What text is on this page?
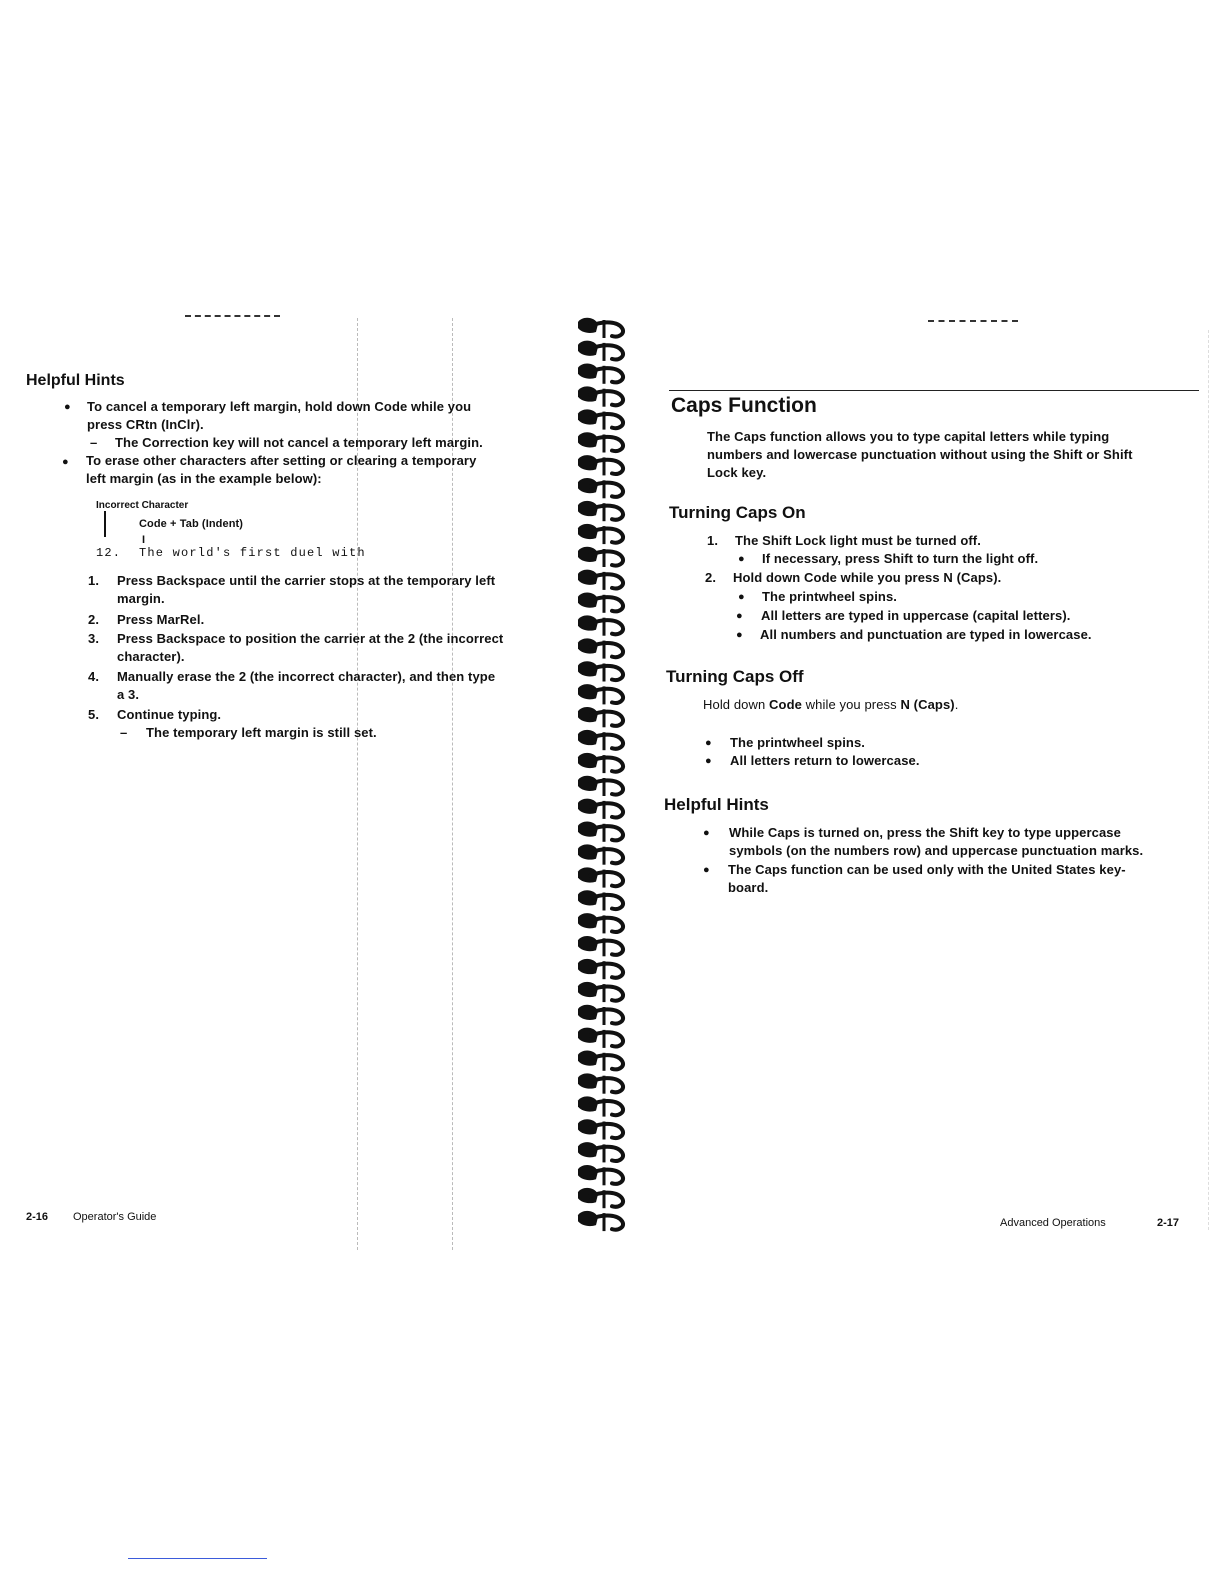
Helpful Hints
● To cancel a temporary left margin, hold down Code while you
press CRtn (InClr).
– The Correction key will not cancel a temporary left margin.
● To erase other characters after setting or clearing a temporary
left margin (as in the example below):
Incorrect Character
Code + Tab (Indent)
I
12. The world's first duel with
1. Press Backspace until the carrier stops at the temporary left
margin.
2. Press MarRel.
3. Press Backspace to position the carrier at the 2 (the incorrect
character).
4. Manually erase the 2 (the incorrect character), and then type
a 3.
5. Continue typing.
– The temporary left margin is still set.
2-16 Operator's Guide
Caps Function
The Caps function allows you to type capital letters while typing
numbers and lowercase punctuation without using the Shift or Shift
Lock key.
Turning Caps On
1. The Shift Lock light must be turned off.
● If necessary, press Shift to turn the light off.
2. Hold down Code while you press N (Caps).
● The printwheel spins.
● All letters are typed in uppercase (capital letters).
● All numbers and punctuation are typed in lowercase.
Turning Caps Off
Hold down Code while you press N (Caps).
● The printwheel spins.
● All letters return to lowercase.
Helpful Hints
● While Caps is turned on, press the Shift key to type uppercase
symbols (on the numbers row) and uppercase punctuation marks.
● The Caps function can be used only with the United States key-
board.
Advanced Operations	2-17
